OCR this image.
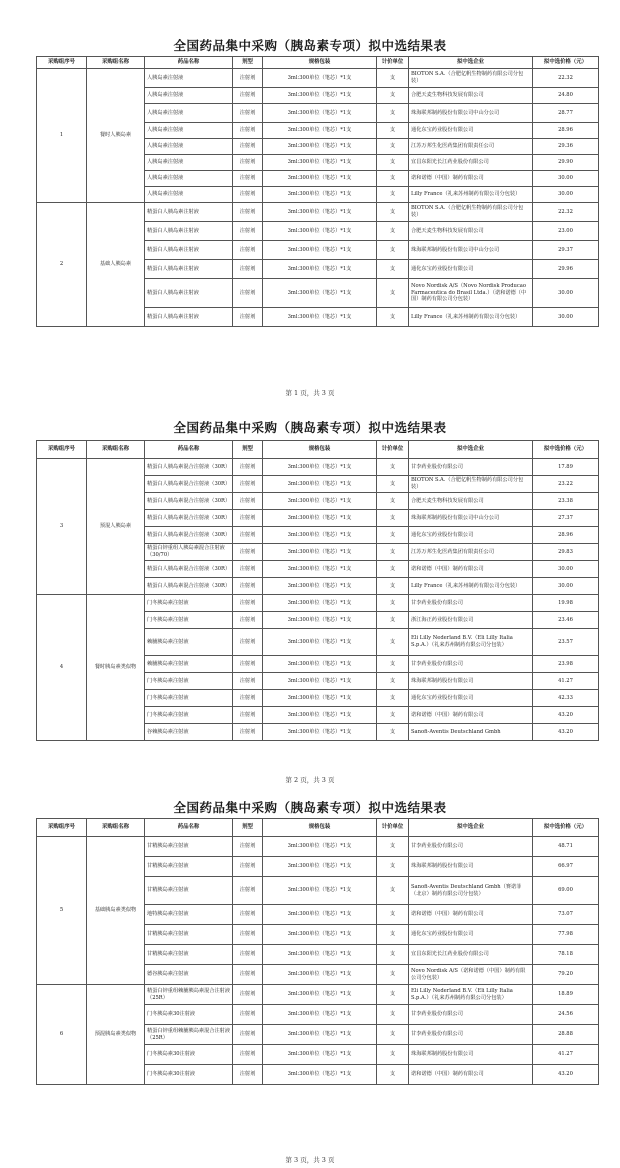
全国药品集中采购（胰岛素专项）拟中选结果表
采购组序号	采购组名称	药品名称	剂型	规格包装	计价单位	拟中选企业	拟中选价格（元）
1	餐时人胰岛素	人胰岛素注射液	注射剂	3ml:300单位（笔芯）*1支	支	BIOTON S.A.（合肥亿帆生物制药有限公司分包装）	22.32
		人胰岛素注射液	注射剂	3ml:300单位（笔芯）*1支	支	合肥天麦生物科技发展有限公司	24.80
		人胰岛素注射液	注射剂	3ml:300单位（笔芯）*1支	支	珠海联邦制药股份有限公司中山分公司	28.77
		人胰岛素注射液	注射剂	3ml:300单位（笔芯）*1支	支	通化东宝药业股份有限公司	28.96
		人胰岛素注射液	注射剂	3ml:300单位（笔芯）*1支	支	江苏万邦生化医药集团有限责任公司	29.36
		人胰岛素注射液	注射剂	3ml:300单位（笔芯）*1支	支	宜昌东阳光长江药业股份有限公司	29.90
		人胰岛素注射液	注射剂	3ml:300单位（笔芯）*1支	支	诺和诺德（中国）制药有限公司	30.00
		人胰岛素注射液	注射剂	3ml:300单位（笔芯）*1支	支	Lilly France（礼来苏州制药有限公司分包装）	30.00
2	基础人胰岛素	精蛋白人胰岛素注射液	注射剂	3ml:300单位（笔芯）*1支	支	BIOTON S.A.（合肥亿帆生物制药有限公司分包装）	22.32
		精蛋白人胰岛素注射液	注射剂	3ml:300单位（笔芯）*1支	支	合肥天麦生物科技发展有限公司	23.00
		精蛋白人胰岛素注射液	注射剂	3ml:300单位（笔芯）*1支	支	珠海联邦制药股份有限公司中山分公司	29.37
		精蛋白人胰岛素注射液	注射剂	3ml:300单位（笔芯）*1支	支	通化东宝药业股份有限公司	29.96
		精蛋白人胰岛素注射液	注射剂	3ml:300单位（笔芯）*1支	支	Novo Nordisk A/S（Novo Nordisk Producao Farmaceutica do Brasil Ltda.）（诺和诺德（中国）制药有限公司分包装）	30.00
		精蛋白人胰岛素注射液	注射剂	3ml:300单位（笔芯）*1支	支	Lilly France（礼来苏州制药有限公司分包装）	30.00
第 1 页，共 3 页
全国药品集中采购（胰岛素专项）拟中选结果表
采购组序号	采购组名称	药品名称	剂型	规格包装	计价单位	拟中选企业	拟中选价格（元）
3	预混人胰岛素	精蛋白人胰岛素混合注射液（30R）	注射剂	3ml:300单位（笔芯）*1支	支	甘李药业股份有限公司	17.89
		精蛋白人胰岛素混合注射液（30R）	注射剂	3ml:300单位（笔芯）*1支	支	BIOTON S.A.（合肥亿帆生物制药有限公司分包装）	23.22
		精蛋白人胰岛素混合注射液（30R）	注射剂	3ml:300单位（笔芯）*1支	支	合肥天麦生物科技发展有限公司	23.38
		精蛋白人胰岛素混合注射液（30R）	注射剂	3ml:300单位（笔芯）*1支	支	珠海联邦制药股份有限公司中山分公司	27.37
		精蛋白人胰岛素混合注射液（30R）	注射剂	3ml:300单位（笔芯）*1支	支	通化东宝药业股份有限公司	28.96
		精蛋白锌重组人胰岛素混合注射液（30/70）	注射剂	3ml:300单位（笔芯）*1支	支	江苏万邦生化医药集团有限责任公司	29.83
		精蛋白人胰岛素混合注射液（30R）	注射剂	3ml:300单位（笔芯）*1支	支	诺和诺德（中国）制药有限公司	30.00
		精蛋白人胰岛素混合注射液（30R）	注射剂	3ml:300单位（笔芯）*1支	支	Lilly France（礼来苏州制药有限公司分包装）	30.00
4	餐时胰岛素类似物	门冬胰岛素注射液	注射剂	3ml:300单位（笔芯）*1支	支	甘李药业股份有限公司	19.98
		门冬胰岛素注射液	注射剂	3ml:300单位（笔芯）*1支	支	浙江海正药业股份有限公司	23.46
		赖脯胰岛素注射液	注射剂	3ml:300单位（笔芯）*1支	支	Eli Lilly Nederland B.V.（Eli Lilly Italia S.p.A.）（礼来苏州制药有限公司分包装）	23.57
		赖脯胰岛素注射液	注射剂	3ml:300单位（笔芯）*1支	支	甘李药业股份有限公司	23.98
		门冬胰岛素注射液	注射剂	3ml:300单位（笔芯）*1支	支	珠海联邦制药股份有限公司	41.27
		门冬胰岛素注射液	注射剂	3ml:300单位（笔芯）*1支	支	通化东宝药业股份有限公司	42.33
		门冬胰岛素注射液	注射剂	3ml:300单位（笔芯）*1支	支	诺和诺德（中国）制药有限公司	43.20
		谷赖胰岛素注射液	注射剂	3ml:300单位（笔芯）*1支	支	Sanofi-Aventis Deutschland Gmbh	43.20
第 2 页，共 3 页
全国药品集中采购（胰岛素专项）拟中选结果表
采购组序号	采购组名称	药品名称	剂型	规格包装	计价单位	拟中选企业	拟中选价格（元）
5	基础胰岛素类似物	甘精胰岛素注射液	注射剂	3ml:300单位（笔芯）*1支	支	甘李药业股份有限公司	48.71
		甘精胰岛素注射液	注射剂	3ml:300单位（笔芯）*1支	支	珠海联邦制药股份有限公司	66.97
		甘精胰岛素注射液	注射剂	3ml:300单位（笔芯）*1支	支	Sanofi-Aventis Deutschland Gmbh（赛诺菲（北京）制药有限公司分包装）	69.00
		地特胰岛素注射液	注射剂	3ml:300单位（笔芯）*1支	支	诺和诺德（中国）制药有限公司	73.07
		甘精胰岛素注射液	注射剂	3ml:300单位（笔芯）*1支	支	通化东宝药业股份有限公司	77.98
		甘精胰岛素注射液	注射剂	3ml:300单位（笔芯）*1支	支	宜昌东阳光长江药业股份有限公司	78.18
		德谷胰岛素注射液	注射剂	3ml:300单位（笔芯）*1支	支	Novo Nordisk A/S（诺和诺德（中国）制药有限公司分包装）	79.20
6	预混胰岛素类似物	精蛋白锌重组赖脯胰岛素混合注射液（25R）	注射剂	3ml:300单位（笔芯）*1支	支	Eli Lilly Nederland B.V.（Eli Lilly Italia S.p.A.）（礼来苏州制药有限公司分包装）	18.89
		门冬胰岛素30注射液	注射剂	3ml:300单位（笔芯）*1支	支	甘李药业股份有限公司	24.56
		精蛋白锌重组赖脯胰岛素混合注射液（25R）	注射剂	3ml:300单位（笔芯）*1支	支	甘李药业股份有限公司	28.88
		门冬胰岛素30注射液	注射剂	3ml:300单位（笔芯）*1支	支	珠海联邦制药股份有限公司	41.27
		门冬胰岛素30注射液	注射剂	3ml:300单位（笔芯）*1支	支	诺和诺德（中国）制药有限公司	43.20
第 3 页，共 3 页
